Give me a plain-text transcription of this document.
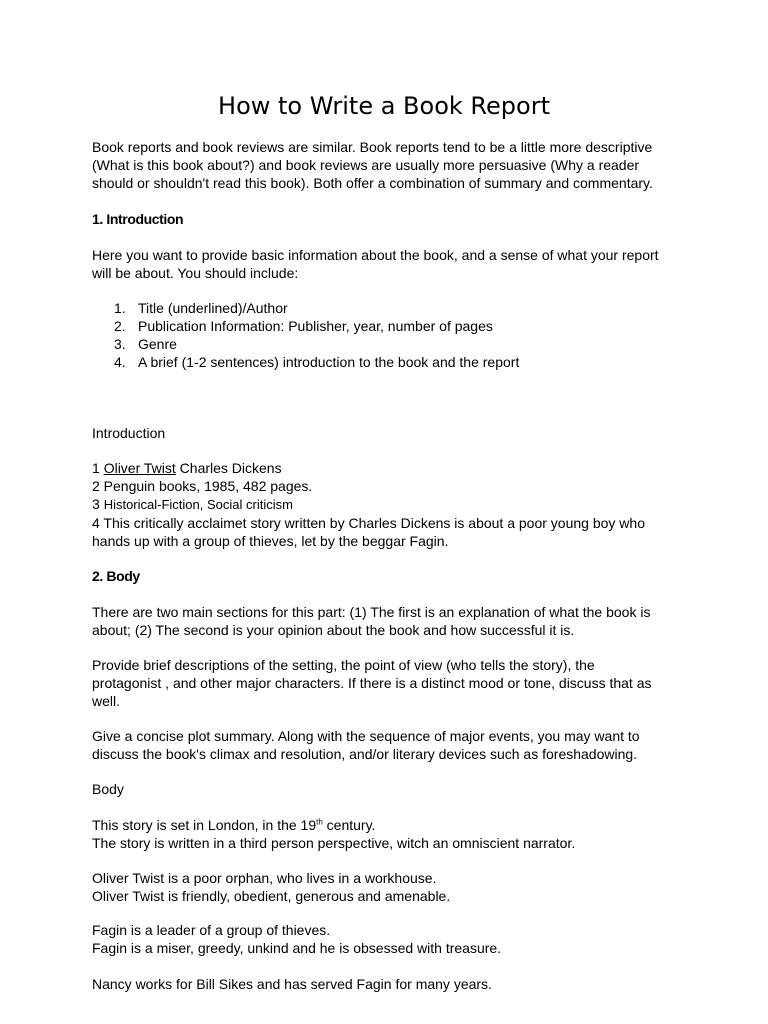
How to Write a Book Report

Book reports and book reviews are similar. Book reports tend to be a little more descriptive
(What is this book about?) and book reviews are usually more persuasive (Why a reader
should or shouldn't read this book). Both offer a combination of summary and commentary.

1. Introduction

Here you want to provide basic information about the book, and a sense of what your report
will be about. You should include:

1. Title (underlined)/Author
2. Publication Information: Publisher, year, number of pages
3. Genre
4. A brief (1-2 sentences) introduction to the book and the report

Introduction

1 Oliver Twist Charles Dickens
2 Penguin books, 1985, 482 pages.
3 Historical-Fiction, Social criticism
4 This critically acclaimet story written by Charles Dickens is about a poor young boy who
hands up with a group of thieves, let by the beggar Fagin.

2. Body

There are two main sections for this part: (1) The first is an explanation of what the book is
about; (2) The second is your opinion about the book and how successful it is.

Provide brief descriptions of the setting, the point of view (who tells the story), the
protagonist , and other major characters. If there is a distinct mood or tone, discuss that as
well.

Give a concise plot summary. Along with the sequence of major events, you may want to
discuss the book's climax and resolution, and/or literary devices such as foreshadowing.

Body

This story is set in London, in the 19th century.
The story is written in a third person perspective, witch an omniscient narrator.

Oliver Twist is a poor orphan, who lives in a workhouse.
Oliver Twist is friendly, obedient, generous and amenable.

Fagin is a leader of a group of thieves.
Fagin is a miser, greedy, unkind and he is obsessed with treasure.

Nancy works for Bill Sikes and has served Fagin for many years.
